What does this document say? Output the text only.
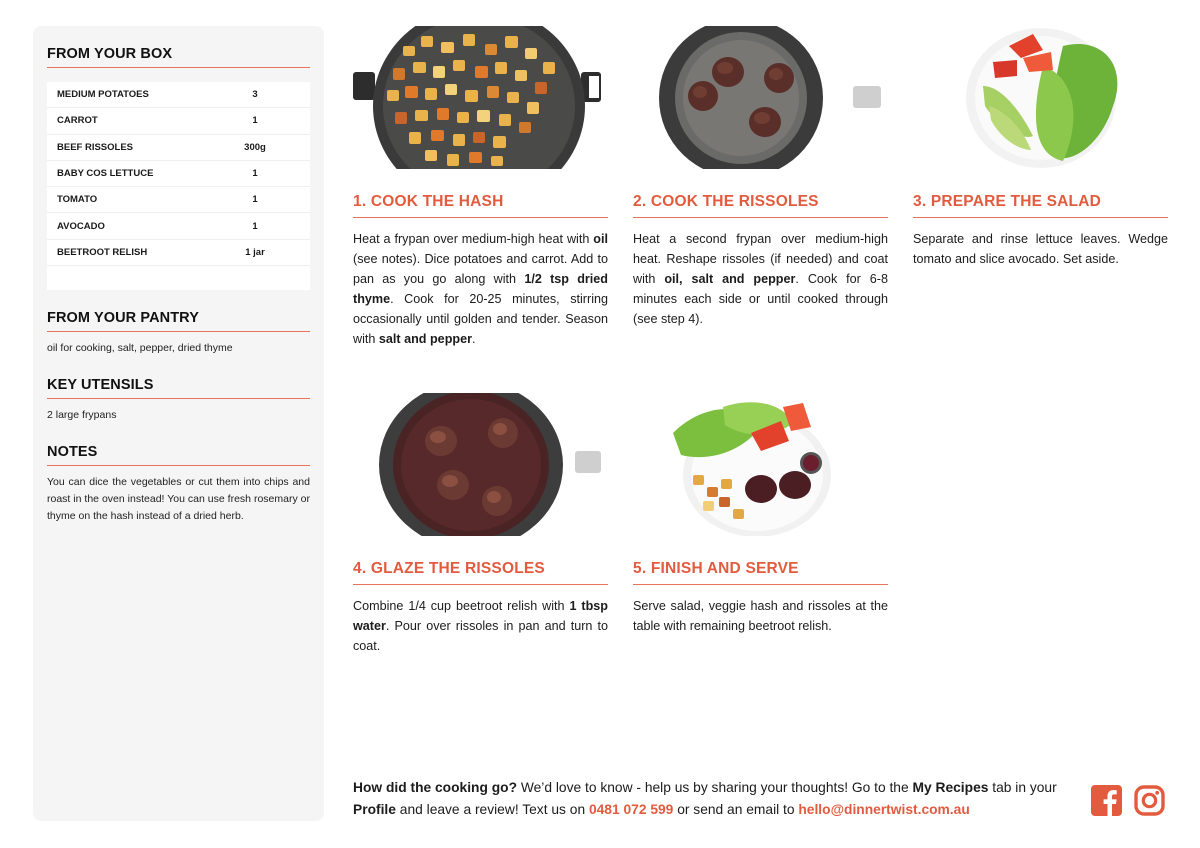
FROM YOUR BOX
MEDIUM POTATOES	3
CARROT	1
BEEF RISSOLES	300g
BABY COS LETTUCE	1
TOMATO	1
AVOCADO	1
BEETROOT RELISH	1 jar
FROM YOUR PANTRY
oil for cooking, salt, pepper, dried thyme
KEY UTENSILS
2 large frypans
NOTES
You can dice the vegetables or cut them into chips and roast in the oven instead! You can use fresh rosemary or thyme on the hash instead of a dried herb.
1. COOK THE HASH

Heat a frypan over medium-high heat with oil (see notes). Dice potatoes and carrot. Add to pan as you go along with 1/2 tsp dried thyme. Cook for 20-25 minutes, stirring occasionally until golden and tender. Season with salt and pepper.

2. COOK THE RISSOLES

Heat a second frypan over medium-high heat. Reshape rissoles (if needed) and coat with oil, salt and pepper. Cook for 6-8 minutes each side or until cooked through (see step 4).

3. PREPARE THE SALAD

Separate and rinse lettuce leaves. Wedge tomato and slice avocado. Set aside.

4. GLAZE THE RISSOLES

Combine 1/4 cup beetroot relish with 1 tbsp water. Pour over rissoles in pan and turn to coat.

5. FINISH AND SERVE

Serve salad, veggie hash and rissoles at the table with remaining beetroot relish.

How did the cooking go? We’d love to know - help us by sharing your thoughts! Go to the My Recipes tab in your Profile and leave a review! Text us on 0481 072 599 or send an email to hello@dinnertwist.com.au
